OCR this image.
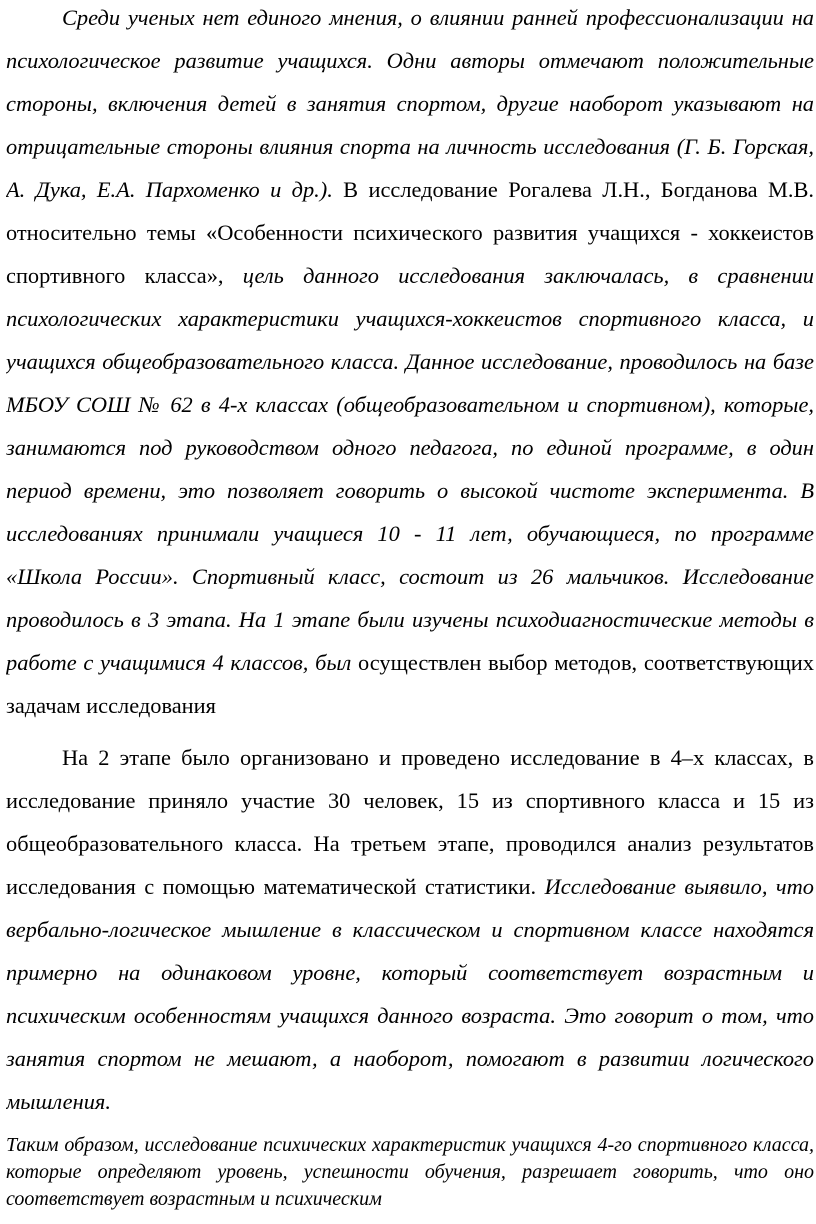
Среди ученых нет единого мнения, о влиянии ранней профессионализации на психологическое развитие учащихся. Одни авторы отмечают положительные стороны, включения детей в занятия спортом, другие наоборот указывают на отрицательные стороны влияния спорта на личность исследования (Г. Б. Горская, А. Дука, Е.А. Пархоменко и др.). В исследование Рогалева Л.Н., Богданова М.В. относительно темы «Особенности психического развития учащихся - хоккеистов спортивного класса», цель данного исследования заключалась, в сравнении психологических характеристики учащихся-хоккеистов спортивного класса, и учащихся общеобразовательного класса. Данное исследование, проводилось на базе МБОУ СОШ № 62 в 4-х классах (общеобразовательном и спортивном), которые, занимаются под руководством одного педагога, по единой программе, в один период времени, это позволяет говорить о высокой чистоте эксперимента. В исследованиях принимали учащиеся 10 - 11 лет, обучающиеся, по программе «Школа России». Спортивный класс, состоит из 26 мальчиков. Исследование проводилось в 3 этапа. На 1 этапе были изучены психодиагностические методы в работе с учащимися 4 классов, был осуществлен выбор методов, соответствующих задачам исследования

На 2 этапе было организовано и проведено исследование в 4–х классах, в исследование приняло участие 30 человек, 15 из спортивного класса и 15 из общеобразовательного класса. На третьем этапе, проводился анализ результатов исследования с помощью математической статистики. Исследование выявило, что вербально-логическое мышление в классическом и спортивном классе находятся примерно на одинаковом уровне, который соответствует возрастным и психическим особенностям учащихся данного возраста. Это говорит о том, что занятия спортом не мешают, а наоборот, помогают в развитии логического мышления.

Таким образом, исследование психических характеристик учащихся 4-го спортивного класса, которые определяют уровень, успешности обучения, разрешает говорить, что оно соответствует возрастным и психическим
